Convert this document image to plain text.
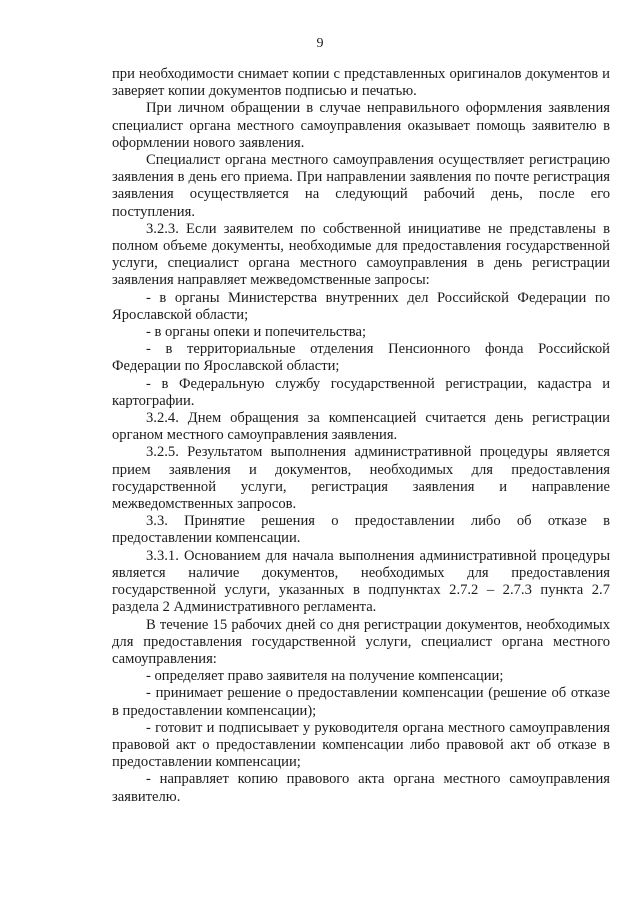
9

при необходимости снимает копии с представленных оригиналов документов и заверяет копии документов подписью и печатью.

При личном обращении в случае неправильного оформления заявления специалист органа местного самоуправления оказывает помощь заявителю в оформлении нового заявления.

Специалист органа местного самоуправления осуществляет регистрацию заявления в день его приема. При направлении заявления по почте регистрация заявления осуществляется на следующий рабочий день, после его поступления.

3.2.3. Если заявителем по собственной инициативе не представлены в полном объеме документы, необходимые для предоставления государственной услуги, специалист органа местного самоуправления в день регистрации заявления направляет межведомственные запросы:

- в органы Министерства внутренних дел Российской Федерации по Ярославской области;

- в органы опеки и попечительства;

- в территориальные отделения Пенсионного фонда Российской Федерации по Ярославской области;

- в Федеральную службу государственной регистрации, кадастра и картографии.

3.2.4. Днем обращения за компенсацией считается день регистрации органом местного самоуправления заявления.

3.2.5. Результатом выполнения административной процедуры является прием заявления и документов, необходимых для предоставления государственной услуги, регистрация заявления и направление межведомственных запросов.

3.3. Принятие решения о предоставлении либо об отказе в предоставлении компенсации.

3.3.1. Основанием для начала выполнения административной процедуры является наличие документов, необходимых для предоставления государственной услуги, указанных в подпунктах 2.7.2 – 2.7.3 пункта 2.7 раздела 2 Административного регламента.

В течение 15 рабочих дней со дня регистрации документов, необходимых для предоставления государственной услуги, специалист органа местного самоуправления:

- определяет право заявителя на получение компенсации;

- принимает решение о предоставлении компенсации (решение об отказе в предоставлении компенсации);

- готовит и подписывает у руководителя органа местного самоуправления правовой акт о предоставлении компенсации либо правовой акт об отказе в предоставлении компенсации;

- направляет копию правового акта органа местного самоуправления заявителю.
